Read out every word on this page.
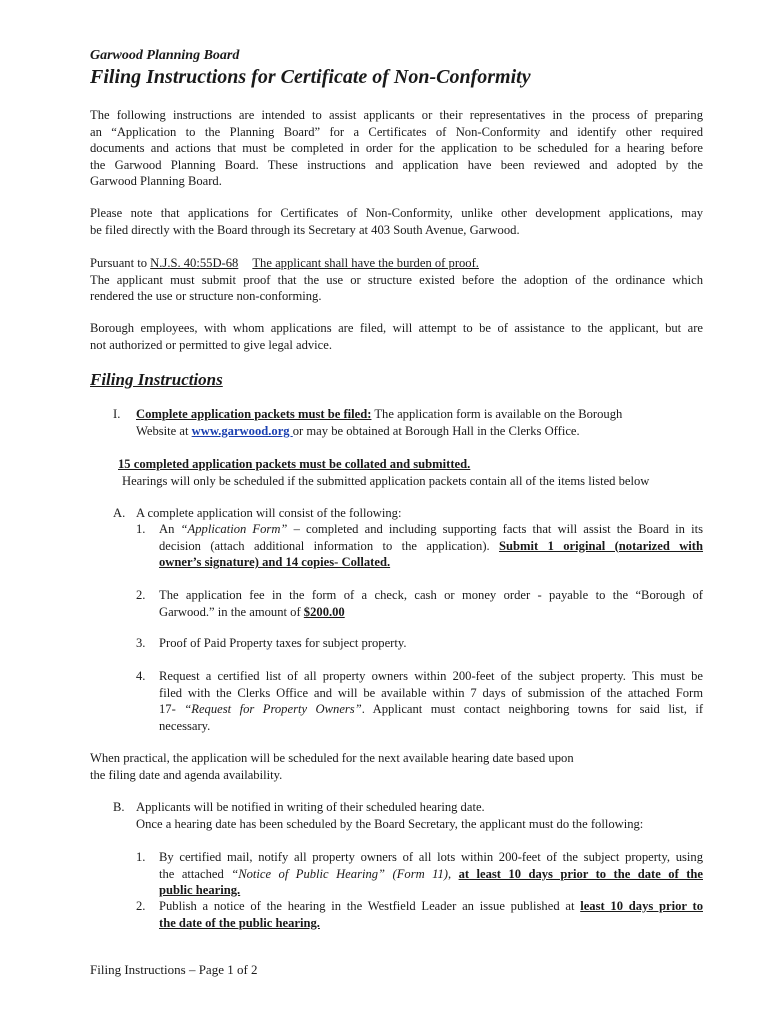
Garwood Planning Board
Filing Instructions for Certificate of Non-Conformity
The following instructions are intended to assist applicants or their representatives in the process of preparing
an “Application to the Planning Board” for a Certificates of Non-Conformity and identify other required
documents and actions that must be completed in order for the application to be scheduled for a hearing before
the Garwood Planning Board. These instructions and application have been reviewed and adopted by the
Garwood Planning Board.
Please note that applications for Certificates of Non-Conformity, unlike other development applications, may
be filed directly with the Board through its Secretary at 403 South Avenue, Garwood.
Pursuant to N.J.S. 40:55D-68 The applicant shall have the burden of proof.
The applicant must submit proof that the use or structure existed before the adoption of the ordinance which
rendered the use or structure non-conforming.
Borough employees, with whom applications are filed, will attempt to be of assistance to the applicant, but are
not authorized or permitted to give legal advice.
Filing Instructions
I. Complete application packets must be filed: The application form is available on the Borough
Website at www.garwood.org or may be obtained at Borough Hall in the Clerks Office.
15 completed application packets must be collated and submitted.
Hearings will only be scheduled if the submitted application packets contain all of the items listed below
A. A complete application will consist of the following:
1. An “Application Form” – completed and including supporting facts that will assist the Board in its
decision (attach additional information to the application). Submit 1 original (notarized with
owner’s signature) and 14 copies- Collated.
2. The application fee in the form of a check, cash or money order - payable to the “Borough of
Garwood.” in the amount of $200.00
3. Proof of Paid Property taxes for subject property.
4. Request a certified list of all property owners within 200-feet of the subject property. This must be
filed with the Clerks Office and will be available within 7 days of submission of the attached Form
17- “Request for Property Owners”. Applicant must contact neighboring towns for said list, if
necessary.
When practical, the application will be scheduled for the next available hearing date based upon
the filing date and agenda availability.
B. Applicants will be notified in writing of their scheduled hearing date.
Once a hearing date has been scheduled by the Board Secretary, the applicant must do the following:
1. By certified mail, notify all property owners of all lots within 200-feet of the subject property, using
the attached “Notice of Public Hearing” (Form 11), at least 10 days prior to the date of the
public hearing.
2. Publish a notice of the hearing in the Westfield Leader an issue published at least 10 days prior to
the date of the public hearing.
Filing Instructions – Page 1 of 2
